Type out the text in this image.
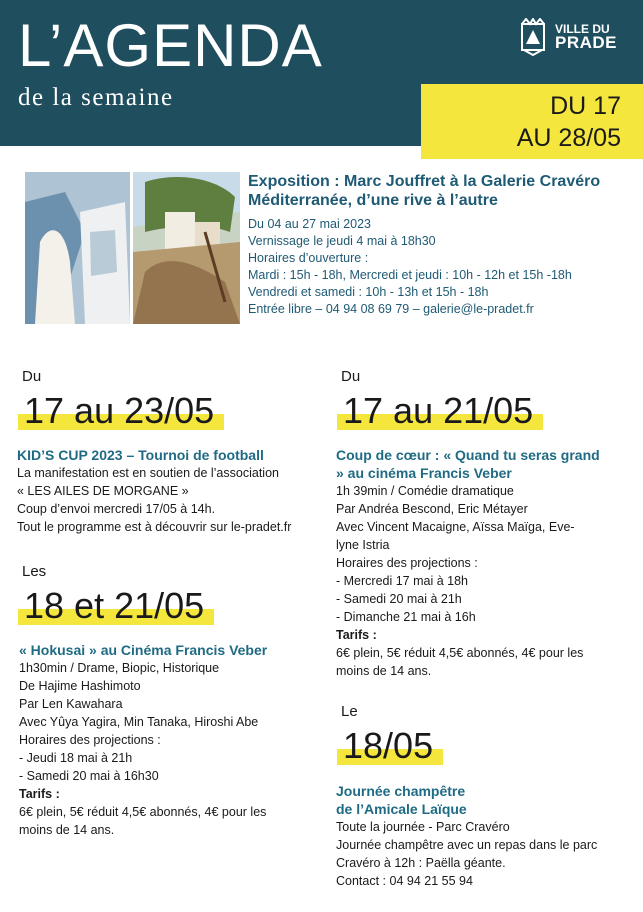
L’AGENDA
de la semaine
VILLE DU
PRADE
DU 17
AU 28/05
Exposition : Marc Jouffret à la Galerie Cravéro
Méditerranée, d’une rive à l’autre
Du 04 au 27 mai 2023
Vernissage le jeudi 4 mai à 18h30
Horaires d’ouverture :
Mardi : 15h - 18h, Mercredi et jeudi : 10h - 12h et 15h -18h
Vendredi et samedi : 10h - 13h et 15h - 18h
Entrée libre – 04 94 08 69 79 – galerie@le-pradet.fr
Du
17 au 23/05
KID’S CUP 2023 – Tournoi de football
La manifestation est en soutien de l’association
« LES AILES DE MORGANE »
Coup d’envoi mercredi 17/05 à 14h.
Tout le programme est à découvrir sur le-pradet.fr
Les
18 et 21/05
« Hokusai » au Cinéma Francis Veber
1h30min / Drame, Biopic, Historique
De Hajime Hashimoto
Par Len Kawahara
Avec Yûya Yagira, Min Tanaka, Hiroshi Abe
Horaires des projections :
- Jeudi 18 mai à 21h
- Samedi 20 mai à 16h30
Tarifs :
6€ plein, 5€ réduit 4,5€ abonnés, 4€ pour les
moins de 14 ans.
Du
17 au 21/05
Coup de cœur : « Quand tu seras grand
» au cinéma Francis Veber
1h 39min / Comédie dramatique
Par Andréa Bescond, Eric Métayer
Avec Vincent Macaigne, Aïssa Maïga, Eve-
lyne Istria
Horaires des projections :
- Mercredi 17 mai à 18h
- Samedi 20 mai à 21h
- Dimanche 21 mai à 16h
Tarifs :
6€ plein, 5€ réduit 4,5€ abonnés, 4€ pour les
moins de 14 ans.
Le
18/05
Journée champêtre
de l’Amicale Laïque
Toute la journée - Parc Cravéro
Journée champêtre avec un repas dans le parc
Cravéro à 12h : Paëlla géante.
Contact : 04 94 21 55 94
